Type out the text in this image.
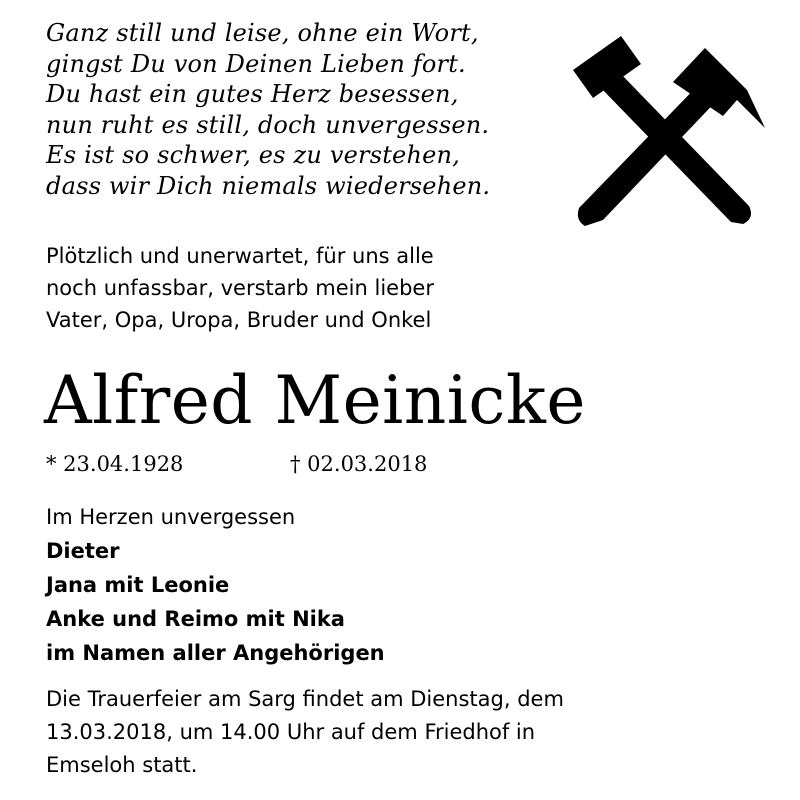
Ganz still und leise, ohne ein Wort,
gingst Du von Deinen Lieben fort.
Du hast ein gutes Herz besessen,
nun ruht es still, doch unvergessen.
Es ist so schwer, es zu verstehen,
dass wir Dich niemals wiedersehen.
Plötzlich und unerwartet, für uns alle
noch unfassbar, verstarb mein lieber
Vater, Opa, Uropa, Bruder und Onkel
Alfred Meinicke
* 23.04.1928	† 02.03.2018
Im Herzen unvergessen
Dieter
Jana mit Leonie
Anke und Reimo mit Nika
im Namen aller Angehörigen
Die Trauerfeier am Sarg findet am Dienstag, dem
13.03.2018, um 14.00 Uhr auf dem Friedhof in
Emseloh statt.
